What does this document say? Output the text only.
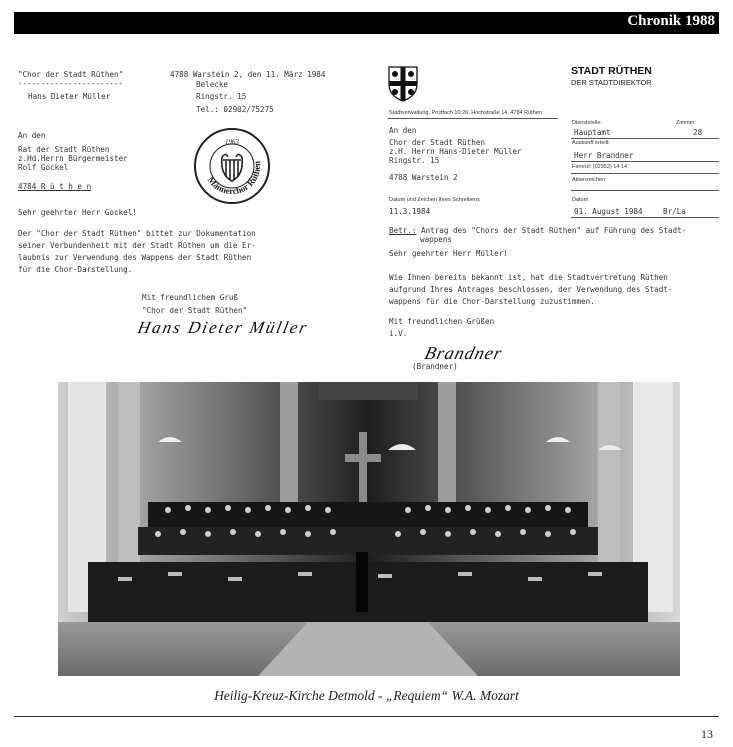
Chronik 1988
"Chor der Stadt Rüthen"
-----------------------
Hans Dieter Müller
4788 Warstein 2, den 11. März 1984
Belecke
Ringstr. 15
Tel.: 02902/75275
An den
Rat der Stadt Rüthen
z.Hd.Herrn Bürgermeister
Rolf Gockel
4784 R ü t h e n
Sehr geehrter Herr Gockel!
Der "Chor der Stadt Rüthen" bittet zur Dokumentation
seiner Verbundenheit mit der Stadt Rüthen um die Er-
laubnis zur Verwendung des Wappens der Stadt Rüthen
für die Chor-Darstellung.
Mit freundlichem Gruß
"Chor der Stadt Rüthen"
Hans Dieter Müller
Männerchor Rüthen
1963
STADT RÜTHEN
DER STADTDIREKTOR
Stadtverwaltung, Postfach 10:26, Hochstraße 14, 4784 Rüthen
An den
Chor der Stadt Rüthen
z.H. Herrn Hans-Dieter Müller
Ringstr. 15
4788 Warstein 2
Dienststelle:	Zimmer:
Hauptamt	28
Auskunft erteilt:
Herr Brandner
Fernruf: (02952) 14 14
Aktenzeichen:
Datum
01. August 1984	Br/La
Datum und Zeichen Ihres Schreibens
11.3.1984
Betr.: Antrag des "Chors der Stadt Rüthen" auf Führung des Stadt-
wappens
Sehr geehrter Herr Müller!
Wie Ihnen bereits bekannt ist, hat die Stadtvertretung Rüthen
aufgrund Ihres Antrages beschlossen, der Verwendung des Stadt-
wappens für die Chor-Darstellung zuzustimmen.
Mit freundlichen Grüßen
i.V.
Brandner
(Brandner)
Heilig-Kreuz-Kirche Detmold - „Requiem“ W.A. Mozart
13
